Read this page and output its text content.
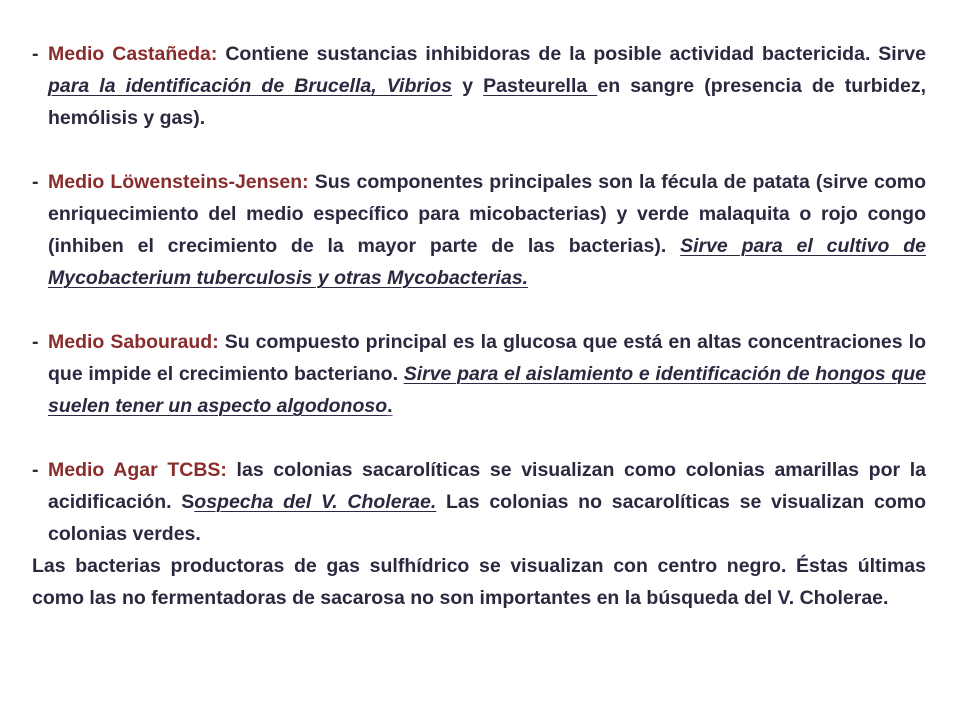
- Medio Castañeda: Contiene sustancias inhibidoras de la posible actividad bactericida. Sirve para la identificación de Brucella, Vibrios y Pasteurella en sangre (presencia de turbidez, hemólisis y gas).

- Medio Löwensteins-Jensen: Sus componentes principales son la fécula de patata (sirve como enriquecimiento del medio específico para micobacterias) y verde malaquita o rojo congo (inhiben el crecimiento de la mayor parte de las bacterias). Sirve para el cultivo de Mycobacterium tuberculosis y otras Mycobacterias.

- Medio Sabouraud: Su compuesto principal es la glucosa que está en altas concentraciones lo que impide el crecimiento bacteriano. Sirve para el aislamiento e identificación de hongos que suelen tener un aspecto algodonoso.

- Medio Agar TCBS: las colonias sacarolíticas se visualizan como colonias amarillas por la acidificación. Sospecha del V. Cholerae. Las colonias no sacarolíticas se visualizan como colonias verdes.

Las bacterias productoras de gas sulfhídrico se visualizan con centro negro. Éstas últimas como las no fermentadoras de sacarosa no son importantes en la búsqueda del V. Cholerae.
